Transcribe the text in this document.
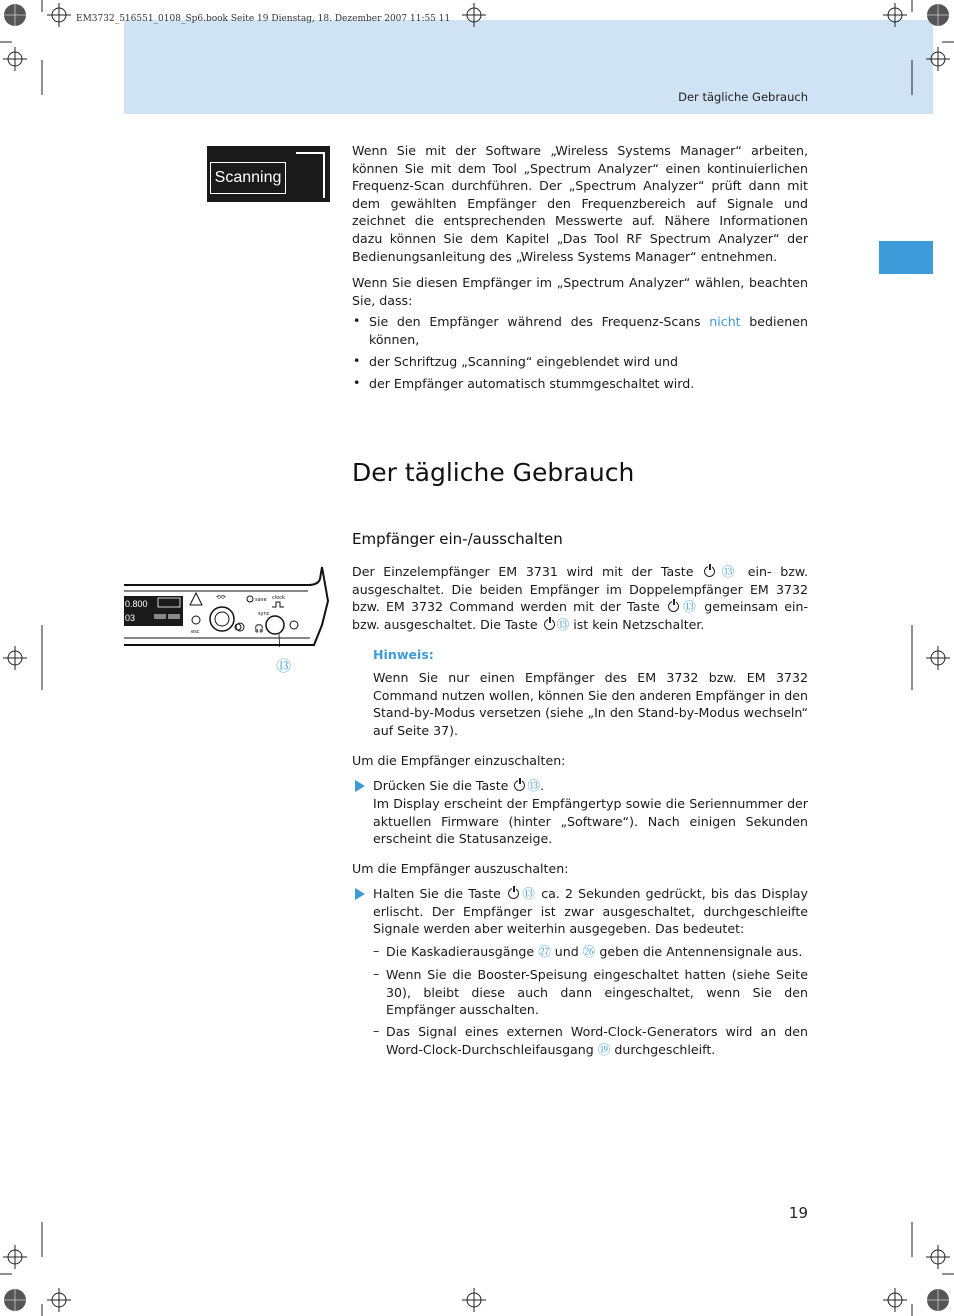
EM3732_516551_0108_Sp6.book Seite 19 Dienstag, 18. Dezember 2007 11:55 11
Der tägliche Gebrauch
Scanning
Wenn Sie mit der Software „Wireless Systems Manager“ arbeiten, können Sie mit dem Tool „Spectrum Analyzer“ einen kontinuierlichen Frequenz-Scan durchführen. Der „Spectrum Analyzer“ prüft dann mit dem gewählten Empfänger den Frequenzbereich auf Signale und zeichnet die entsprechenden Messwerte auf. Nähere Informationen dazu können Sie dem Kapitel „Das Tool RF Spectrum Analyzer“ der Bedienungsanleitung des „Wireless Systems Manager“ entnehmen.
Wenn Sie diesen Empfänger im „Spectrum Analyzer“ wählen, beachten Sie, dass:
• Sie den Empfänger während des Frequenz-Scans nicht bedienen können,
• der Schriftzug „Scanning“ eingeblendet wird und
• der Empfänger automatisch stummgeschaltet wird.
Der tägliche Gebrauch
Empfänger ein-/ausschalten
0.800
03
esc
⟲⟳	save clock
sync
🎧
⑬
Der Einzelempfänger EM 3731 wird mit der Taste ⑬ ein- bzw. ausgeschaltet. Die beiden Empfänger im Doppelempfänger EM 3732 bzw. EM 3732 Command werden mit der Taste ⑬ gemeinsam ein- bzw. ausgeschaltet. Die Taste ⑬ ist kein Netzschalter.
Hinweis:
Wenn Sie nur einen Empfänger des EM 3732 bzw. EM 3732 Command nutzen wollen, können Sie den anderen Empfänger in den Stand-by-Modus versetzen (siehe „In den Stand-by-Modus wechseln“ auf Seite 37).
Um die Empfänger einzuschalten:
Drücken Sie die Taste ⑬.
Im Display erscheint der Empfängertyp sowie die Seriennummer der aktuellen Firmware (hinter „Software“). Nach einigen Sekunden erscheint die Statusanzeige.
Um die Empfänger auszuschalten:
Halten Sie die Taste ⑬ ca. 2 Sekunden gedrückt, bis das Display erlischt. Der Empfänger ist zwar ausgeschaltet, durchgeschleifte Signale werden aber weiterhin ausgegeben. Das bedeutet:
– Die Kaskadierausgänge ㉗ und ㉖ geben die Antennensignale aus.
– Wenn Sie die Booster-Speisung eingeschaltet hatten (siehe Seite 30), bleibt diese auch dann eingeschaltet, wenn Sie den Empfänger ausschalten.
– Das Signal eines externen Word-Clock-Generators wird an den Word-Clock-Durchschleifausgang ⑲ durchgeschleift.
19
